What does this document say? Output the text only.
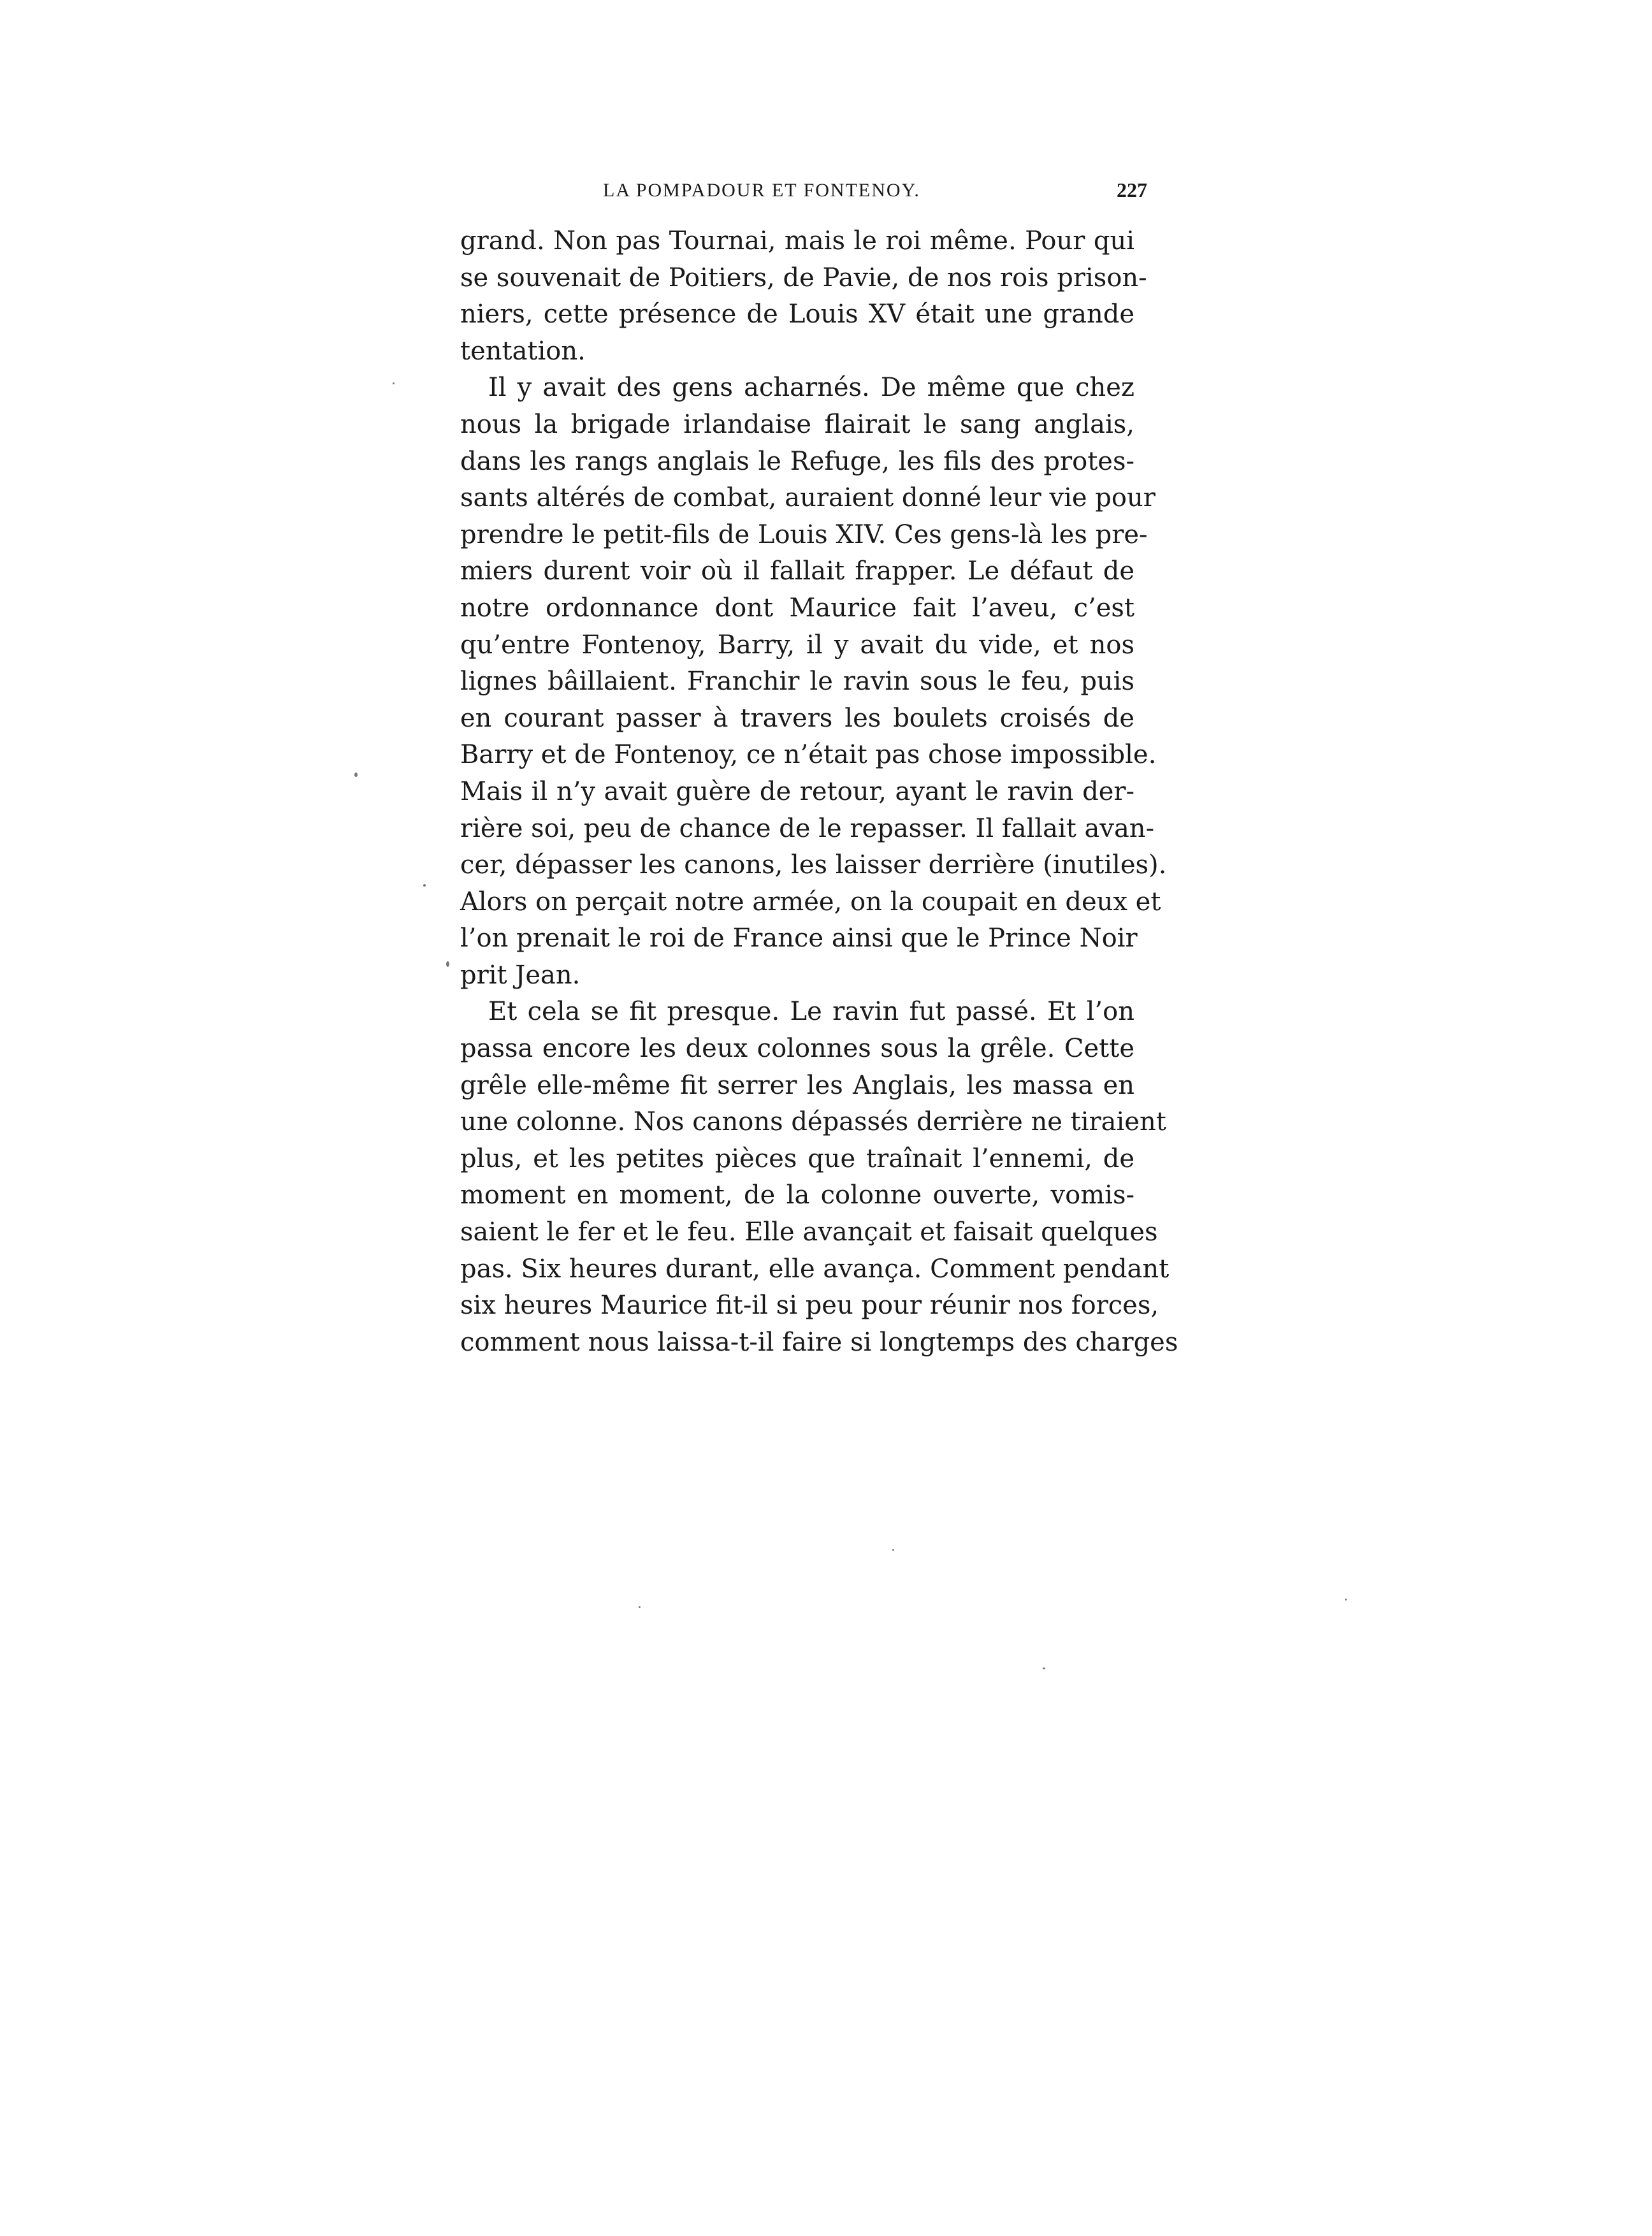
LA POMPADOUR ET FONTENOY.	227
grand. Non pas Tournai, mais le roi même. Pour qui
se souvenait de Poitiers, de Pavie, de nos rois prison-
niers, cette présence de Louis XV était une grande
tentation.
Il y avait des gens acharnés. De même que chez
nous la brigade irlandaise flairait le sang anglais,
dans les rangs anglais le Refuge, les fils des protes-
sants altérés de combat, auraient donné leur vie pour
prendre le petit-fils de Louis XIV. Ces gens-là les pre-
miers durent voir où il fallait frapper. Le défaut de
notre ordonnance dont Maurice fait l’aveu, c’est
qu’entre Fontenoy, Barry, il y avait du vide, et nos
lignes bâillaient. Franchir le ravin sous le feu, puis
en courant passer à travers les boulets croisés de
Barry et de Fontenoy, ce n’était pas chose impossible.
Mais il n’y avait guère de retour, ayant le ravin der-
rière soi, peu de chance de le repasser. Il fallait avan-
cer, dépasser les canons, les laisser derrière (inutiles).
Alors on perçait notre armée, on la coupait en deux et
l’on prenait le roi de France ainsi que le Prince Noir
prit Jean.
Et cela se fit presque. Le ravin fut passé. Et l’on
passa encore les deux colonnes sous la grêle. Cette
grêle elle-même fit serrer les Anglais, les massa en
une colonne. Nos canons dépassés derrière ne tiraient
plus, et les petites pièces que traînait l’ennemi, de
moment en moment, de la colonne ouverte, vomis-
saient le fer et le feu. Elle avançait et faisait quelques
pas. Six heures durant, elle avança. Comment pendant
six heures Maurice fit-il si peu pour réunir nos forces,
comment nous laissa-t-il faire si longtemps des charges
